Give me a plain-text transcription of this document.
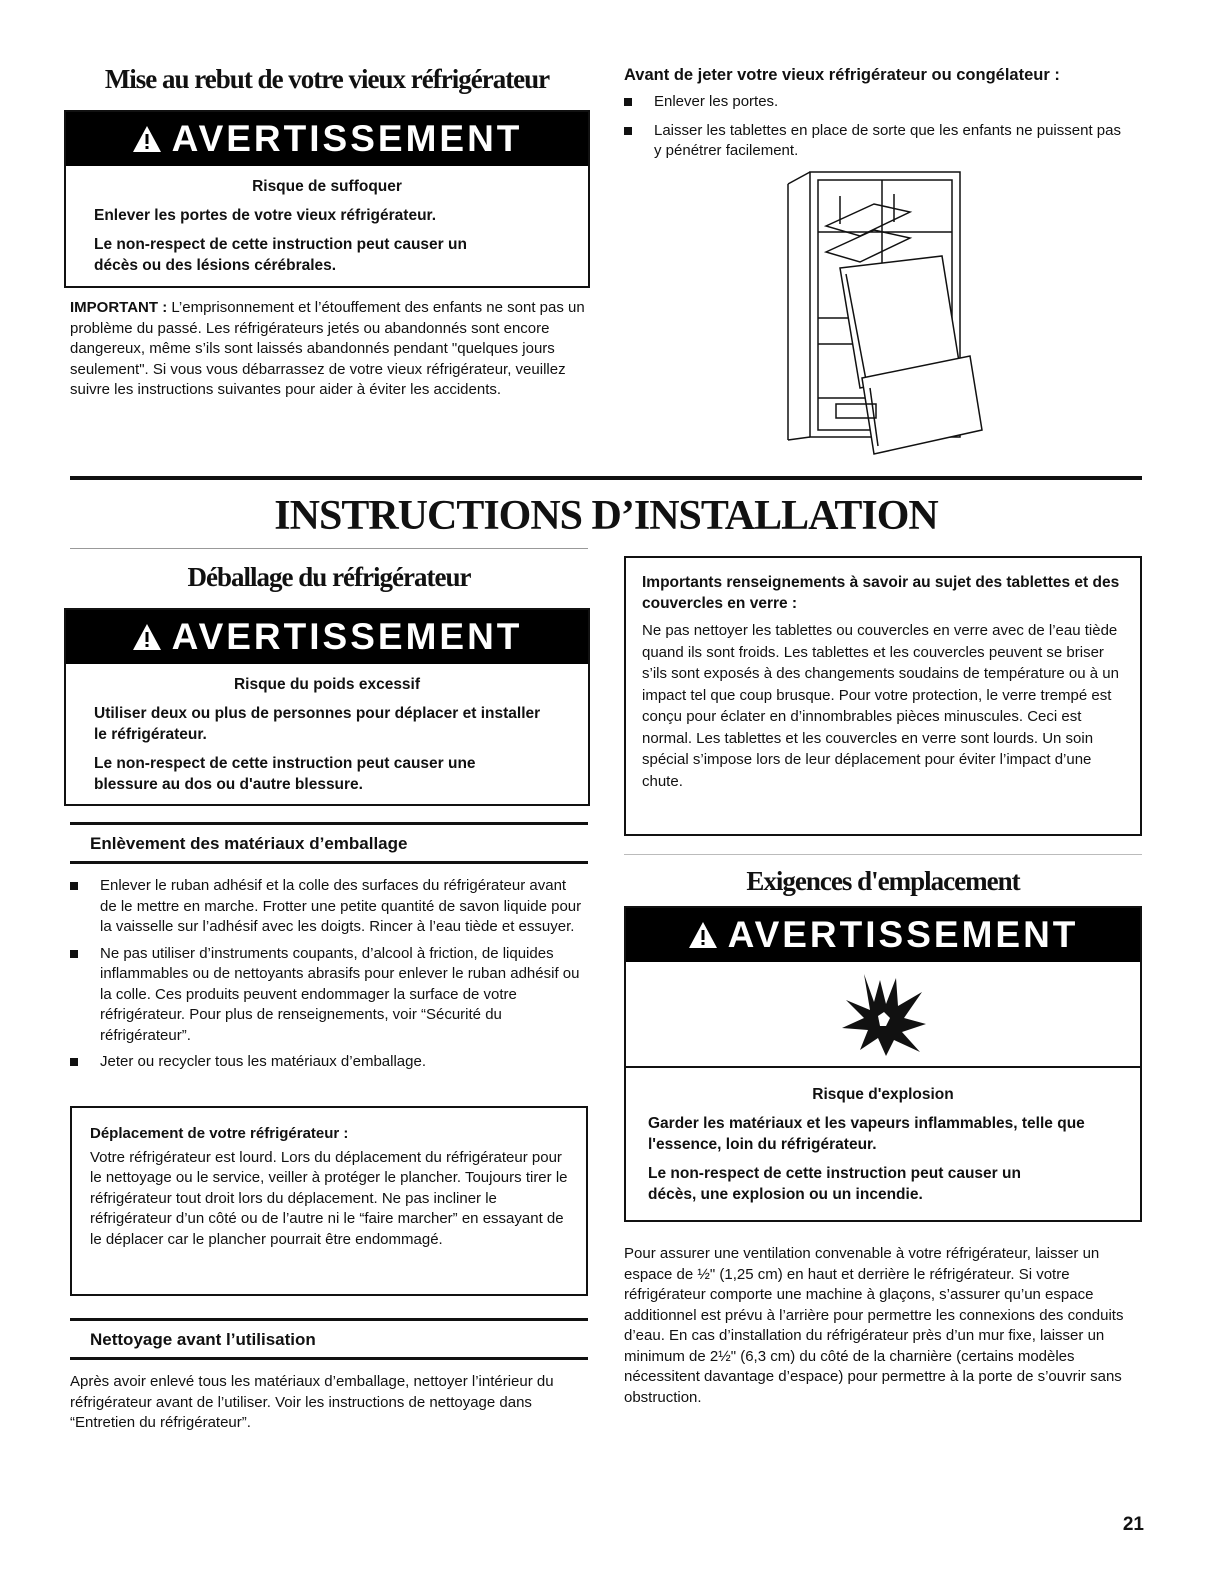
Mise au rebut de votre vieux réfrigérateur
AVERTISSEMENT
Risque de suffoquer
Enlever les portes de votre vieux réfrigérateur.
Le non-respect de cette instruction peut causer un décès ou des lésions cérébrales.
IMPORTANT : L’emprisonnement et l’étouffement des enfants ne sont pas un problème du passé. Les réfrigérateurs jetés ou abandonnés sont encore dangereux, même s’ils sont laissés abandonnés pendant "quelques jours seulement". Si vous vous débarrassez de votre vieux réfrigérateur, veuillez suivre les instructions suivantes pour aider à éviter les accidents.
Avant de jeter votre vieux réfrigérateur ou congélateur :
Enlever les portes.
Laisser les tablettes en place de sorte que les enfants ne puissent pas y pénétrer facilement.
INSTRUCTIONS D’INSTALLATION
Déballage du réfrigérateur
AVERTISSEMENT
Risque du poids excessif
Utiliser deux ou plus de personnes pour déplacer et installer le réfrigérateur.
Le non-respect de cette instruction peut causer une blessure au dos ou d'autre blessure.
Enlèvement des matériaux d’emballage
Enlever le ruban adhésif et la colle des surfaces du réfrigérateur avant de le mettre en marche. Frotter une petite quantité de savon liquide pour la vaisselle sur l’adhésif avec les doigts. Rincer à l’eau tiède et essuyer.
Ne pas utiliser d’instruments coupants, d’alcool à friction, de liquides inflammables ou de nettoyants abrasifs pour enlever le ruban adhésif ou la colle. Ces produits peuvent endommager la surface de votre réfrigérateur. Pour plus de renseignements, voir “Sécurité du réfrigérateur”.
Jeter ou recycler tous les matériaux d’emballage.
Déplacement de votre réfrigérateur :
Votre réfrigérateur est lourd. Lors du déplacement du réfrigérateur pour le nettoyage ou le service, veiller à protéger le plancher. Toujours tirer le réfrigérateur tout droit lors du déplacement. Ne pas incliner le réfrigérateur d’un côté ou de l’autre ni le “faire marcher” en essayant de le déplacer car le plancher pourrait être endommagé.
Nettoyage avant l’utilisation
Après avoir enlevé tous les matériaux d’emballage, nettoyer l’intérieur du réfrigérateur avant de l’utiliser. Voir les instructions de nettoyage dans “Entretien du réfrigérateur”.
Importants renseignements à savoir au sujet des tablettes et des couvercles en verre :
Ne pas nettoyer les tablettes ou couvercles en verre avec de l’eau tiède quand ils sont froids. Les tablettes et les couvercles peuvent se briser s’ils sont exposés à des changements soudains de température ou à un impact tel que coup brusque. Pour votre protection, le verre trempé est conçu pour éclater en d’innombrables pièces minuscules. Ceci est normal. Les tablettes et les couvercles en verre sont lourds. Un soin spécial s’impose lors de leur déplacement pour éviter l’impact d’une chute.
Exigences d'emplacement
AVERTISSEMENT
Risque d'explosion
Garder les matériaux et les vapeurs inflammables, telle que l'essence, loin du réfrigérateur.
Le non-respect de cette instruction peut causer un décès, une explosion ou un incendie.
Pour assurer une ventilation convenable à votre réfrigérateur, laisser un espace de ½" (1,25 cm) en haut et derrière le réfrigérateur. Si votre réfrigérateur comporte une machine à glaçons, s’assurer qu’un espace additionnel est prévu à l’arrière pour permettre les connexions des conduits d’eau. En cas d’installation du réfrigérateur près d’un mur fixe, laisser un minimum de 2½" (6,3 cm) du côté de la charnière (certains modèles nécessitent davantage d’espace) pour permettre à la porte de s’ouvrir sans obstruction.
21
